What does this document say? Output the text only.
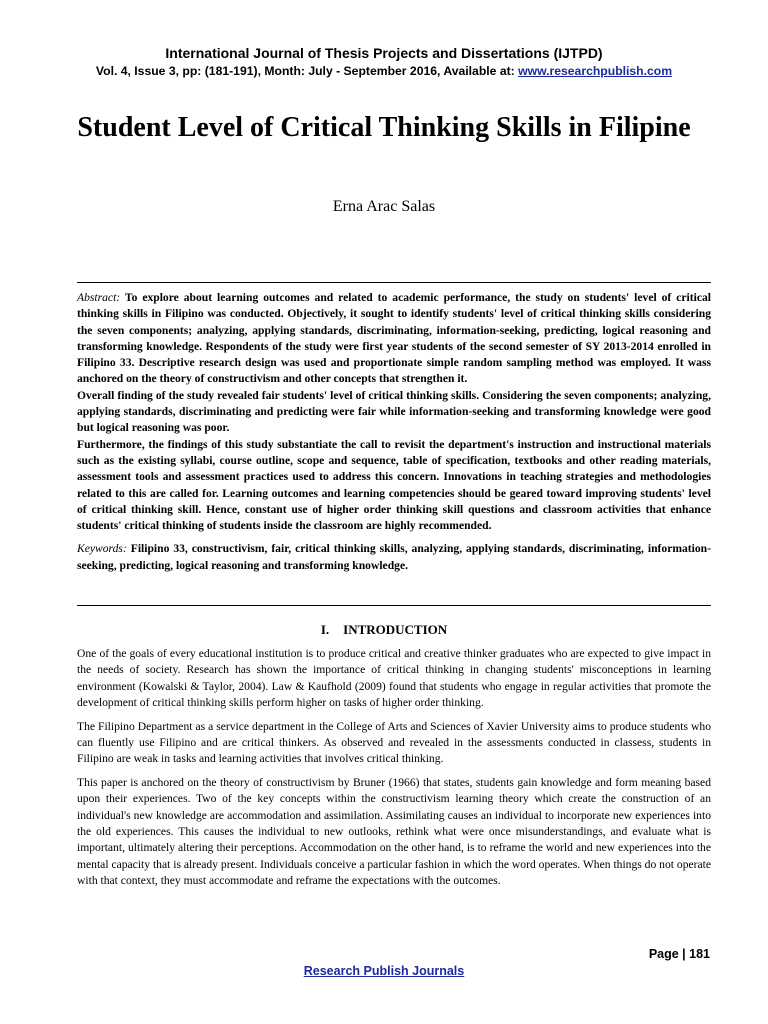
International Journal of Thesis Projects and Dissertations (IJTPD)
Vol. 4, Issue 3, pp: (181-191), Month: July - September 2016, Available at: www.researchpublish.com
Student Level of Critical Thinking Skills in Filipine
Erna Arac Salas

Abstract: To explore about learning outcomes and related to academic performance, the study on students' level of critical thinking skills in Filipino was conducted. Objectively, it sought to identify students' level of critical thinking skills considering the seven components; analyzing, applying standards, discriminating, information-seeking, predicting, logical reasoning and transforming knowledge. Respondents of the study were first year students of the second semester of SY 2013-2014 enrolled in Filipino 33. Descriptive research design was used and proportionate simple random sampling method was employed. It wass anchored on the theory of constructivism and other concepts that strengthen it.

Overall finding of the study revealed fair students' level of critical thinking skills. Considering the seven components; analyzing, applying standards, discriminating and predicting were fair while information-seeking and transforming knowledge were good but logical reasoning was poor.

Furthermore, the findings of this study substantiate the call to revisit the department's instruction and instructional materials such as the existing syllabi, course outline, scope and sequence, table of specification, textbooks and other reading materials, assessment tools and assessment practices used to address this concern. Innovations in teaching strategies and methodologies related to this are called for. Learning outcomes and learning competencies should be geared toward improving students' level of critical thinking skill. Hence, constant use of higher order thinking skill questions and classroom activities that enhance students' critical thinking of students inside the classroom are highly recommended.

Keywords: Filipino 33, constructivism, fair, critical thinking skills, analyzing, applying standards, discriminating, information-seeking, predicting, logical reasoning and transforming knowledge.

I. INTRODUCTION

One of the goals of every educational institution is to produce critical and creative thinker graduates who are expected to give impact in the needs of society. Research has shown the importance of critical thinking in changing students' misconceptions in learning environment (Kowalski & Taylor, 2004). Law & Kaufhold (2009) found that students who engage in regular activities that promote the development of critical thinking skills perform higher on tasks of higher order thinking.

The Filipino Department as a service department in the College of Arts and Sciences of Xavier University aims to produce students who can fluently use Filipino and are critical thinkers. As observed and revealed in the assessments conducted in classess, students in Filipino are weak in tasks and learning activities that involves critical thinking.

This paper is anchored on the theory of constructivism by Bruner (1966) that states, students gain knowledge and form meaning based upon their experiences. Two of the key concepts within the constructivism learning theory which create the construction of an individual's new knowledge are accommodation and assimilation. Assimilating causes an individual to incorporate new experiences into the old experiences. This causes the individual to new outlooks, rethink what were once misunderstandings, and evaluate what is important, ultimately altering their perceptions. Accommodation on the other hand, is to reframe the world and new experiences into the mental capacity that is already present. Individuals conceive a particular fashion in which the word operates. When things do not operate with that context, they must accommodate and reframe the expectations with the outcomes.

Page | 181
Research Publish Journals
